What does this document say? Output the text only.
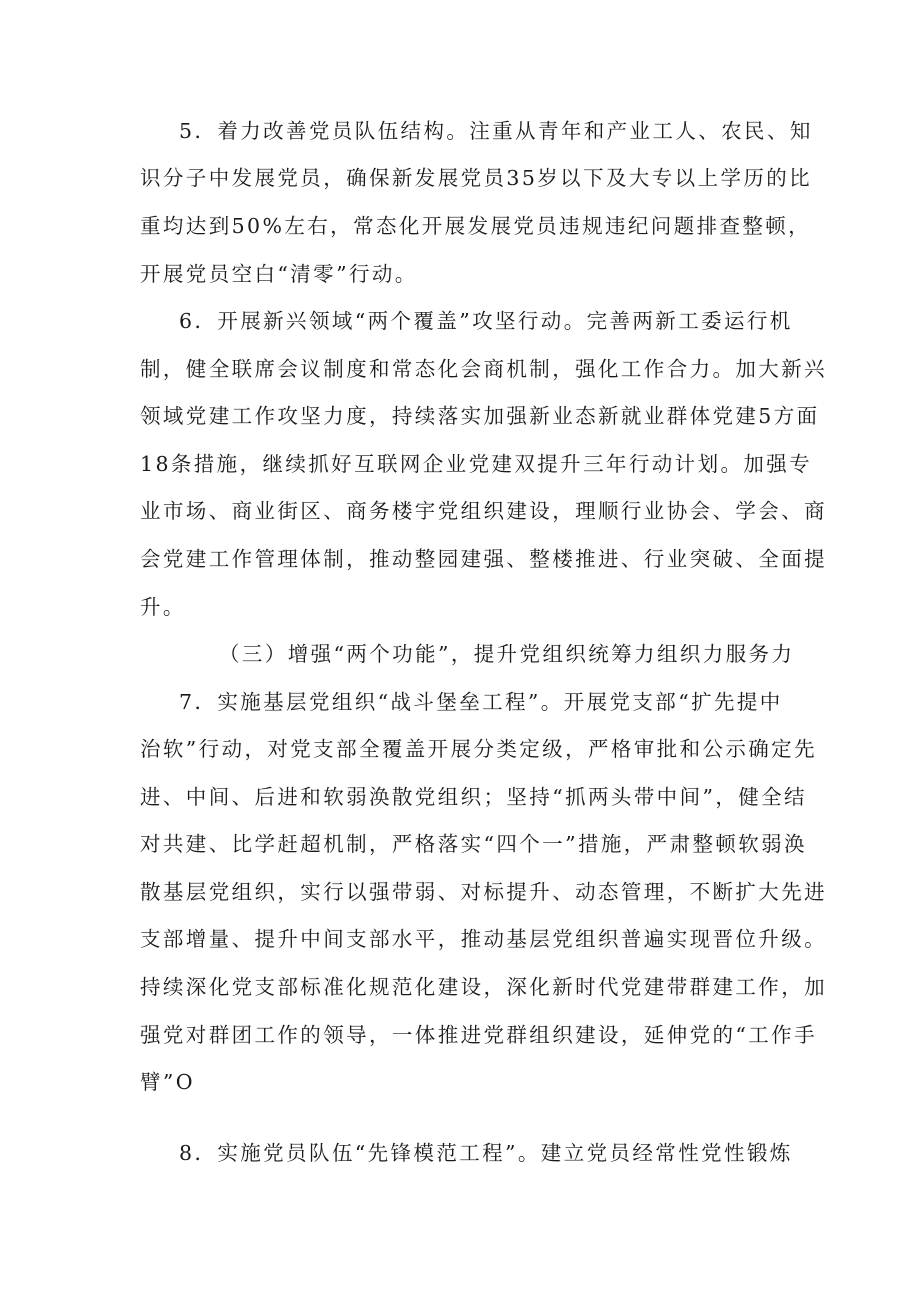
5．着力改善党员队伍结构。注重从青年和产业工人、农民、知
识分子中发展党员，确保新发展党员35岁以下及大专以上学历的比
重均达到50%左右，常态化开展发展党员违规违纪问题排查整顿，
开展党员空白“清零”行动。
6．开展新兴领域“两个覆盖”攻坚行动。完善两新工委运行机
制，健全联席会议制度和常态化会商机制，强化工作合力。加大新兴
领域党建工作攻坚力度，持续落实加强新业态新就业群体党建5方面
18条措施，继续抓好互联网企业党建双提升三年行动计划。加强专
业市场、商业街区、商务楼宇党组织建设，理顺行业协会、学会、商
会党建工作管理体制，推动整园建强、整楼推进、行业突破、全面提
升。
（三）增强“两个功能”，提升党组织统筹力组织力服务力
7．实施基层党组织“战斗堡垒工程”。开展党支部“扩先提中
治软”行动，对党支部全覆盖开展分类定级，严格审批和公示确定先
进、中间、后进和软弱涣散党组织；坚持“抓两头带中间”，健全结
对共建、比学赶超机制，严格落实“四个一”措施，严肃整顿软弱涣
散基层党组织，实行以强带弱、对标提升、动态管理，不断扩大先进
支部增量、提升中间支部水平，推动基层党组织普遍实现晋位升级。
持续深化党支部标准化规范化建设，深化新时代党建带群建工作，加
强党对群团工作的领导，一体推进党群组织建设，延伸党的“工作手
臂”O
8．实施党员队伍“先锋模范工程”。建立党员经常性党性锻炼
